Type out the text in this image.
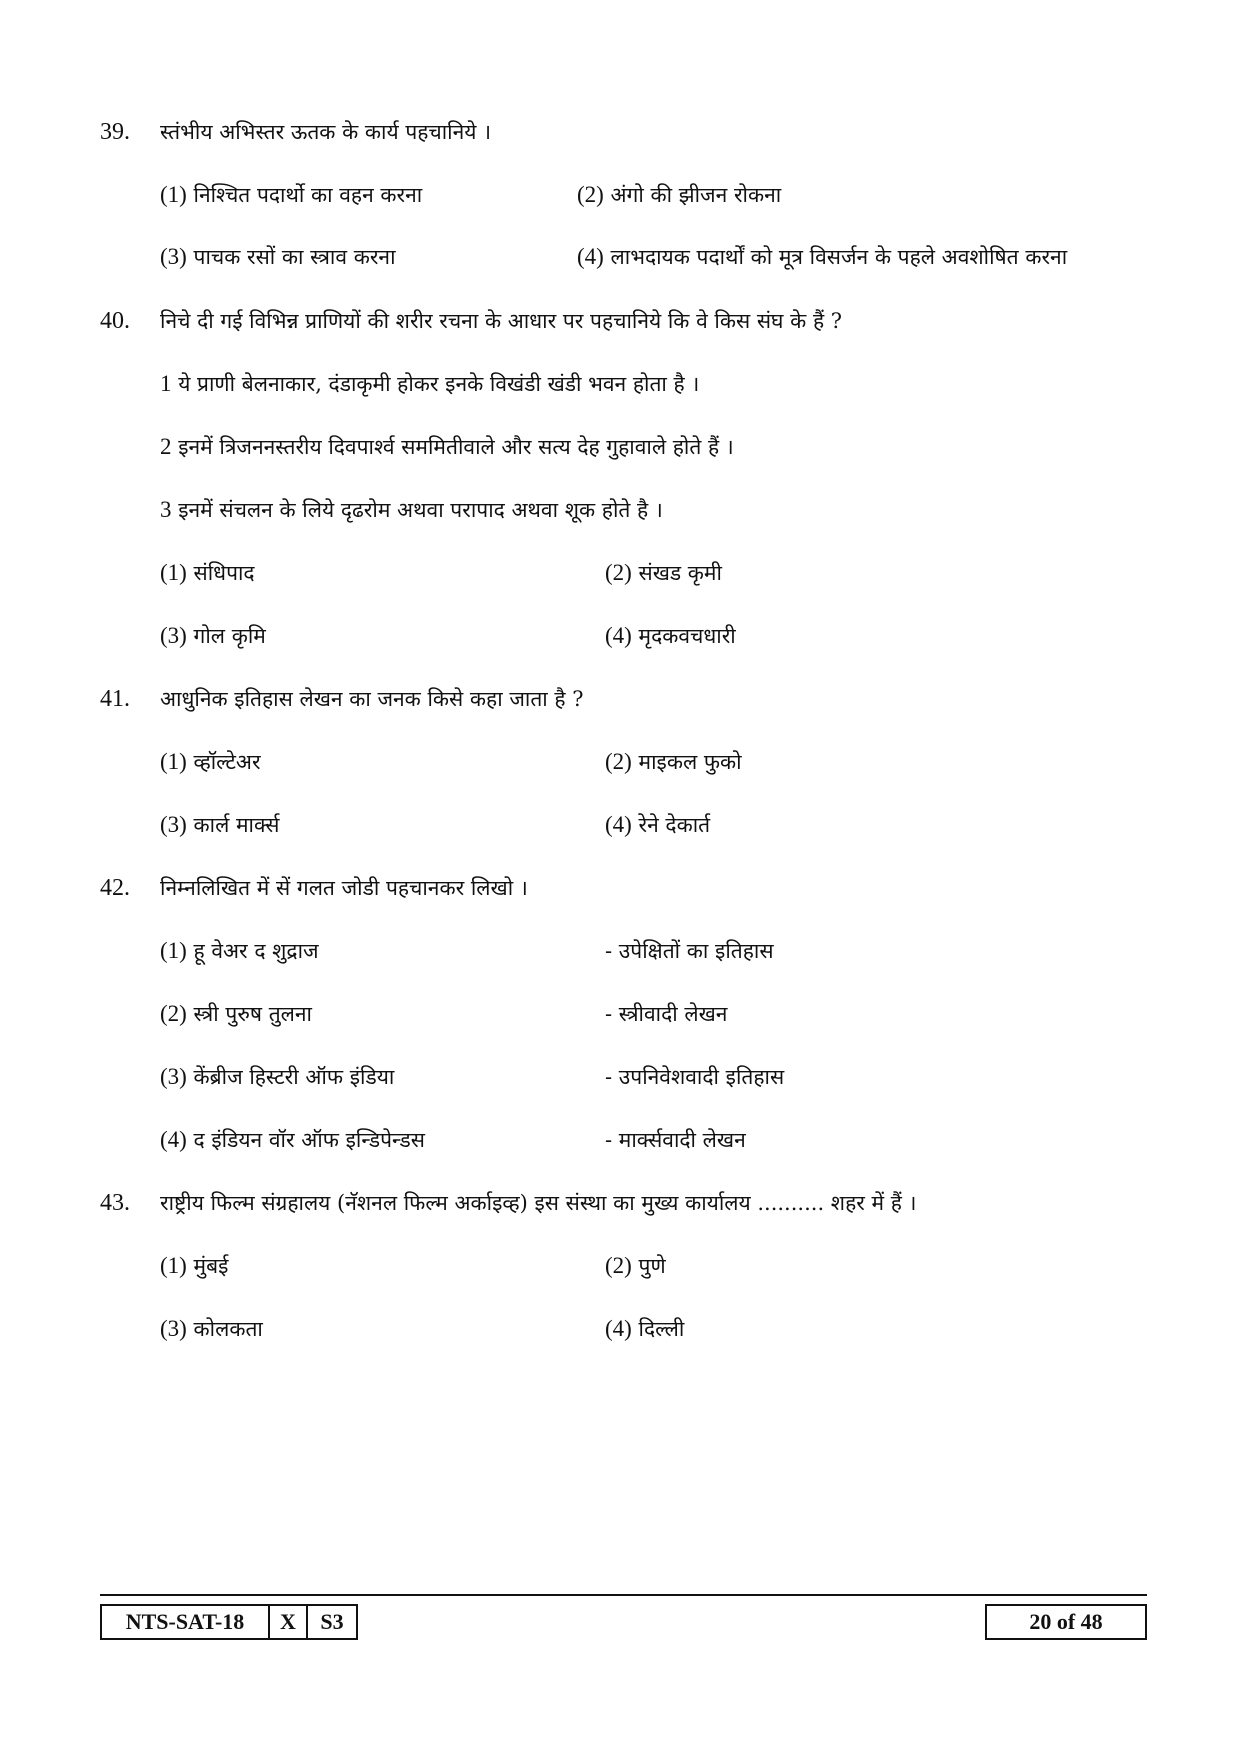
39.	स्तंभीय अभिस्तर ऊतक के कार्य पहचानिये ।
(1) निश्चित पदार्थो का वहन करना	(2) अंगो की झीजन रोकना
(3) पाचक रसों का स्त्राव करना	(4) लाभदायक पदार्थों को मूत्र विसर्जन के पहले अवशोषित करना
40.	निचे दी गई विभिन्न प्राणियों की शरीर रचना के आधार पर पहचानिये कि वे किस संघ के हैं ?
1 ये प्राणी बेलनाकार, दंडाकृमी होकर इनके विखंडी खंडी भवन होता है ।
2 इनमें त्रिजननस्तरीय दिवपार्श्व सममितीवाले और सत्य देह गुहावाले होते हैं ।
3 इनमें संचलन के लिये दृढरोम अथवा परापाद अथवा शूक होते है ।
(1) संधिपाद	(2) संखड कृमी
(3) गोल कृमि	(4) मृदकवचधारी
41.	आधुनिक इतिहास लेखन का जनक किसे कहा जाता है ?
(1) व्हॉल्टेअर	(2) माइकल फुको
(3) कार्ल मार्क्स	(4) रेने देकार्त
42.	निम्नलिखित में सें गलत जोडी पहचानकर लिखो ।
(1) हू वेअर द शुद्राज	- उपेक्षितों का इतिहास
(2) स्त्री पुरुष तुलना	- स्त्रीवादी लेखन
(3) केंब्रीज हिस्टरी ऑफ इंडिया	- उपनिवेशवादी इतिहास
(4) द इंडियन वॉर ऑफ इन्डिपेन्डस	- मार्क्सवादी लेखन
43.	राष्ट्रीय फिल्म संग्रहालय (नॅशनल फिल्म अर्काइव्ह) इस संस्था का मुख्य कार्यालय .......... शहर में हैं ।
(1) मुंबई	(2) पुणे
(3) कोलकता	(4) दिल्ली
NTS-SAT-18	X	S3	20 of 48
